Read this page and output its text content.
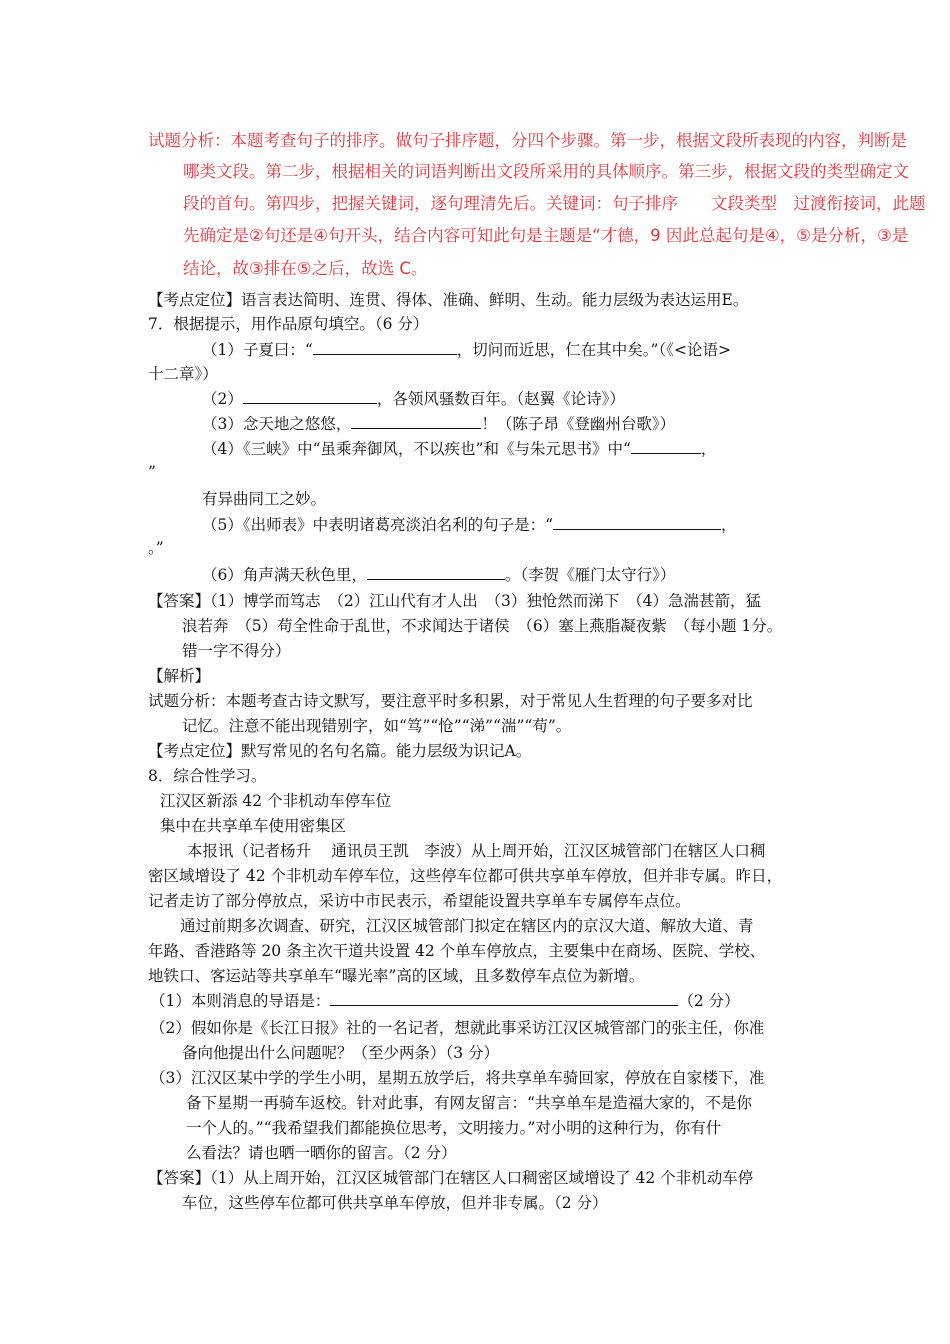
试题分析：本题考查句子的排序。做句子排序题，分四个步骤。第一步，根据文段所表现的内容，判断是
哪类文段。第二步，根据相关的词语判断出文段所采用的具体顺序。第三步，根据文段的类型确定文
段的首句。第四步，把握关键词，逐句理清先后。关键词：句子排序　　文段类型　过渡衔接词，此题
先确定是②句还是④句开头，结合内容可知此句是主题是“才德，9 因此总起句是④，⑤是分析，③是
结论，故③排在⑤之后，故选 C。
【考点定位】语言表达简明、连贯、得体、准确、鲜明、生动。能力层级为表达运用E。
7．根据提示，用作品原句填空。（6 分）
（1）子夏曰：“	，切问而近思，仁在其中矣。”（《<论语>
十二章》）
（2）	，各领风骚数百年。（赵翼《论诗》）
（3）念天地之悠悠，	！（陈子昂《登幽州台歌》）
（4）《三峡》中“虽乘奔御风，不以疾也”和《与朱元思书》中“	，
”
有异曲同工之妙。
（5）《出师表》中表明诸葛亮淡泊名利的句子是：“	，
。”
（6）角声满天秋色里，	。（李贺《雁门太守行》）
【答案】（1）博学而笃志　（2）江山代有才人出　（3）独怆然而涕下　（4）急湍甚箭，猛
浪若奔　（5）苟全性命于乱世，不求闻达于诸侯　（6）塞上燕脂凝夜紫　（每小题 1分。
错一字不得分）
【解析】
试题分析：本题考查古诗文默写，要注意平时多积累，对于常见人生哲理的句子要多对比
记忆。注意不能出现错别字，如“笃”“怆”“涕”“湍”“苟”。
【考点定位】默写常见的名句名篇。能力层级为识记A。
8．综合性学习。
江汉区新添 42 个非机动车停车位
集中在共享单车使用密集区
本报讯（记者杨升　 通讯员王凯　李波）从上周开始，江汉区城管部门在辖区人口稠
密区域增设了 42 个非机动车停车位，这些停车位都可供共享单车停放，但并非专属。昨日，
记者走访了部分停放点，采访中市民表示，希望能设置共享单车专属停车点位。
通过前期多次调查、研究，江汉区城管部门拟定在辖区内的京汉大道、解放大道、青
年路、香港路等 20 条主次干道共设置 42 个单车停放点，主要集中在商场、医院、学校、
地铁口、客运站等共享单车“曝光率”高的区域，且多数停车点位为新增。
（1）本则消息的导语是：	（2 分）
（2）假如你是《长江日报》社的一名记者，想就此事采访江汉区城管部门的张主任，你准
备向他提出什么问题呢？（至少两条）（3 分）
（3）江汉区某中学的学生小明，星期五放学后，将共享单车骑回家，停放在自家楼下，准
备下星期一再骑车返校。针对此事，有网友留言：“共享单车是造福大家的，不是你
一个人的。”“我希望我们都能换位思考，文明接力。”对小明的这种行为，你有什
么看法？请也晒一晒你的留言。（2 分）
【答案】（1）从上周开始，江汉区城管部门在辖区人口稠密区域增设了 42 个非机动车停
车位，这些停车位都可供共享单车停放，但并非专属。（2 分）
